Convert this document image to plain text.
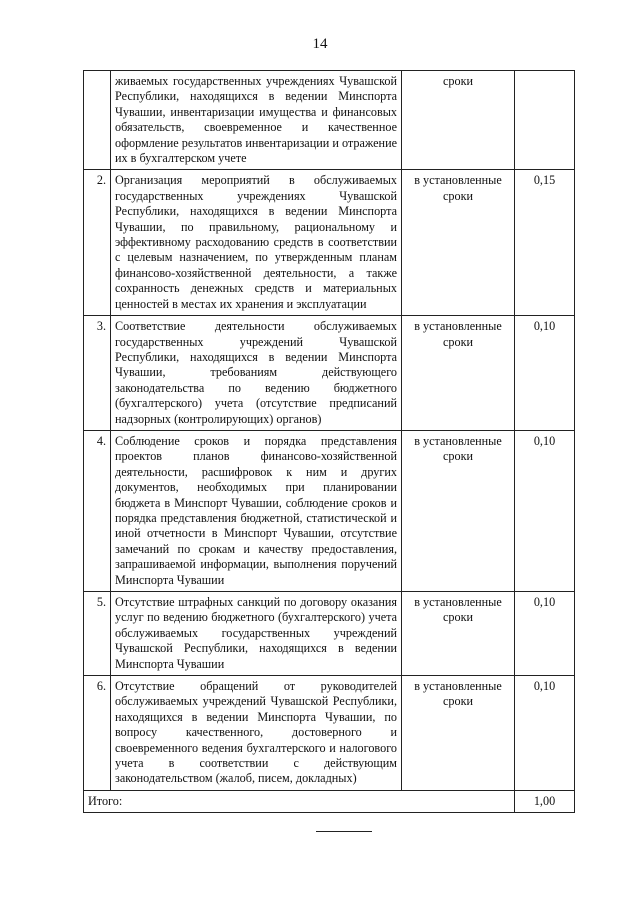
14
	живаемых государственных учреждениях Чувашской Республики, находящихся в ведении Минспорта Чувашии, инвентаризации имущества и финансовых обязательств, своевременное и качественное оформление результатов инвентаризации и отражение их в бухгалтерском учете	сроки	
2.	Организация мероприятий в обслуживаемых государственных учреждениях Чувашской Республики, находящихся в ведении Минспорта Чувашии, по правильному, рациональному и эффективному расходованию средств в соответствии с целевым назначением, по утвержденным планам финансово-хозяйственной деятельности, а также сохранность денежных средств и материальных ценностей в местах их хранения и эксплуатации	в установленные сроки	0,15
3.	Соответствие деятельности обслуживаемых государственных учреждений Чувашской Республики, находящихся в ведении Минспорта Чувашии, требованиям действующего законодательства по ведению бюджетного (бухгалтерского) учета (отсутствие предписаний надзорных (контролирующих) органов)	в установленные сроки	0,10
4.	Соблюдение сроков и порядка представления проектов планов финансово-хозяйственной деятельности, расшифровок к ним и других документов, необходимых при планировании бюджета в Минспорт Чувашии, соблюдение сроков и порядка представления бюджетной, статистической и иной отчетности в Минспорт Чувашии, отсутствие замечаний по срокам и качеству предоставления, запрашиваемой информации, выполнения поручений Минспорта Чувашии	в установленные сроки	0,10
5.	Отсутствие штрафных санкций по договору оказания услуг по ведению бюджетного (бухгалтерского) учета обслуживаемых государственных учреждений Чувашской Республики, находящихся в ведении Минспорта Чувашии	в установленные сроки	0,10
6.	Отсутствие обращений от руководителей обслуживаемых учреждений Чувашской Республики, находящихся в ведении Минспорта Чувашии, по вопросу качественного, достоверного и своевременного ведения бухгалтерского и налогового учета в соответствии с действующим законодательством (жалоб, писем, докладных)	в установленные сроки	0,10
Итого:			1,00
